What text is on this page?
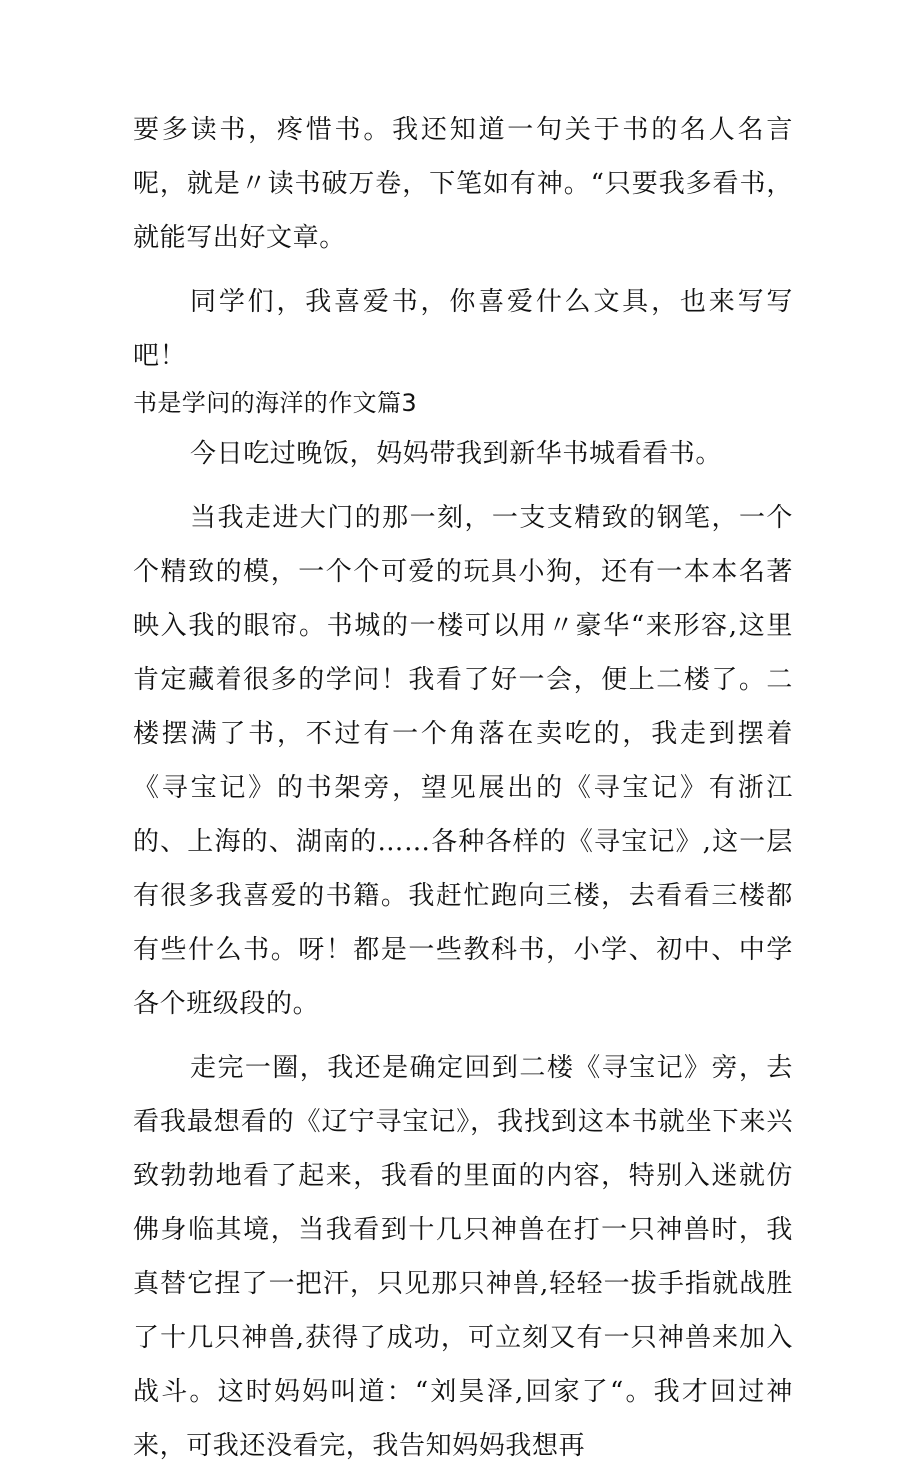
要多读书，疼惜书。我还知道一句关于书的名人名言呢，就是〃读书破万卷，下笔如有神。“只要我多看书，就能写出好文章。

同学们，我喜爱书，你喜爱什么文具，也来写写吧！

书是学问的海洋的作文篇3

今日吃过晚饭，妈妈带我到新华书城看看书。

当我走进大门的那一刻，一支支精致的钢笔，一个个精致的模，一个个可爱的玩具小狗，还有一本本名著映入我的眼帘。书城的一楼可以用〃豪华“来形容,这里肯定藏着很多的学问！我看了好一会，便上二楼了。二楼摆满了书，不过有一个角落在卖吃的，我走到摆着《寻宝记》的书架旁，望见展出的《寻宝记》有浙江的、上海的、湖南的……各种各样的《寻宝记》,这一层有很多我喜爱的书籍。我赶忙跑向三楼，去看看三楼都有些什么书。呀！都是一些教科书，小学、初中、中学各个班级段的。

走完一圈，我还是确定回到二楼《寻宝记》旁，去看我最想看的《辽宁寻宝记》，我找到这本书就坐下来兴致勃勃地看了起来，我看的里面的内容，特别入迷就仿佛身临其境，当我看到十几只神兽在打一只神兽时，我真替它捏了一把汗，只见那只神兽,轻轻一拔手指就战胜了十几只神兽,获得了成功，可立刻又有一只神兽来加入战斗。这时妈妈叫道：“刘昊泽,回家了“。我才回过神来，可我还没看完，我告知妈妈我想再
